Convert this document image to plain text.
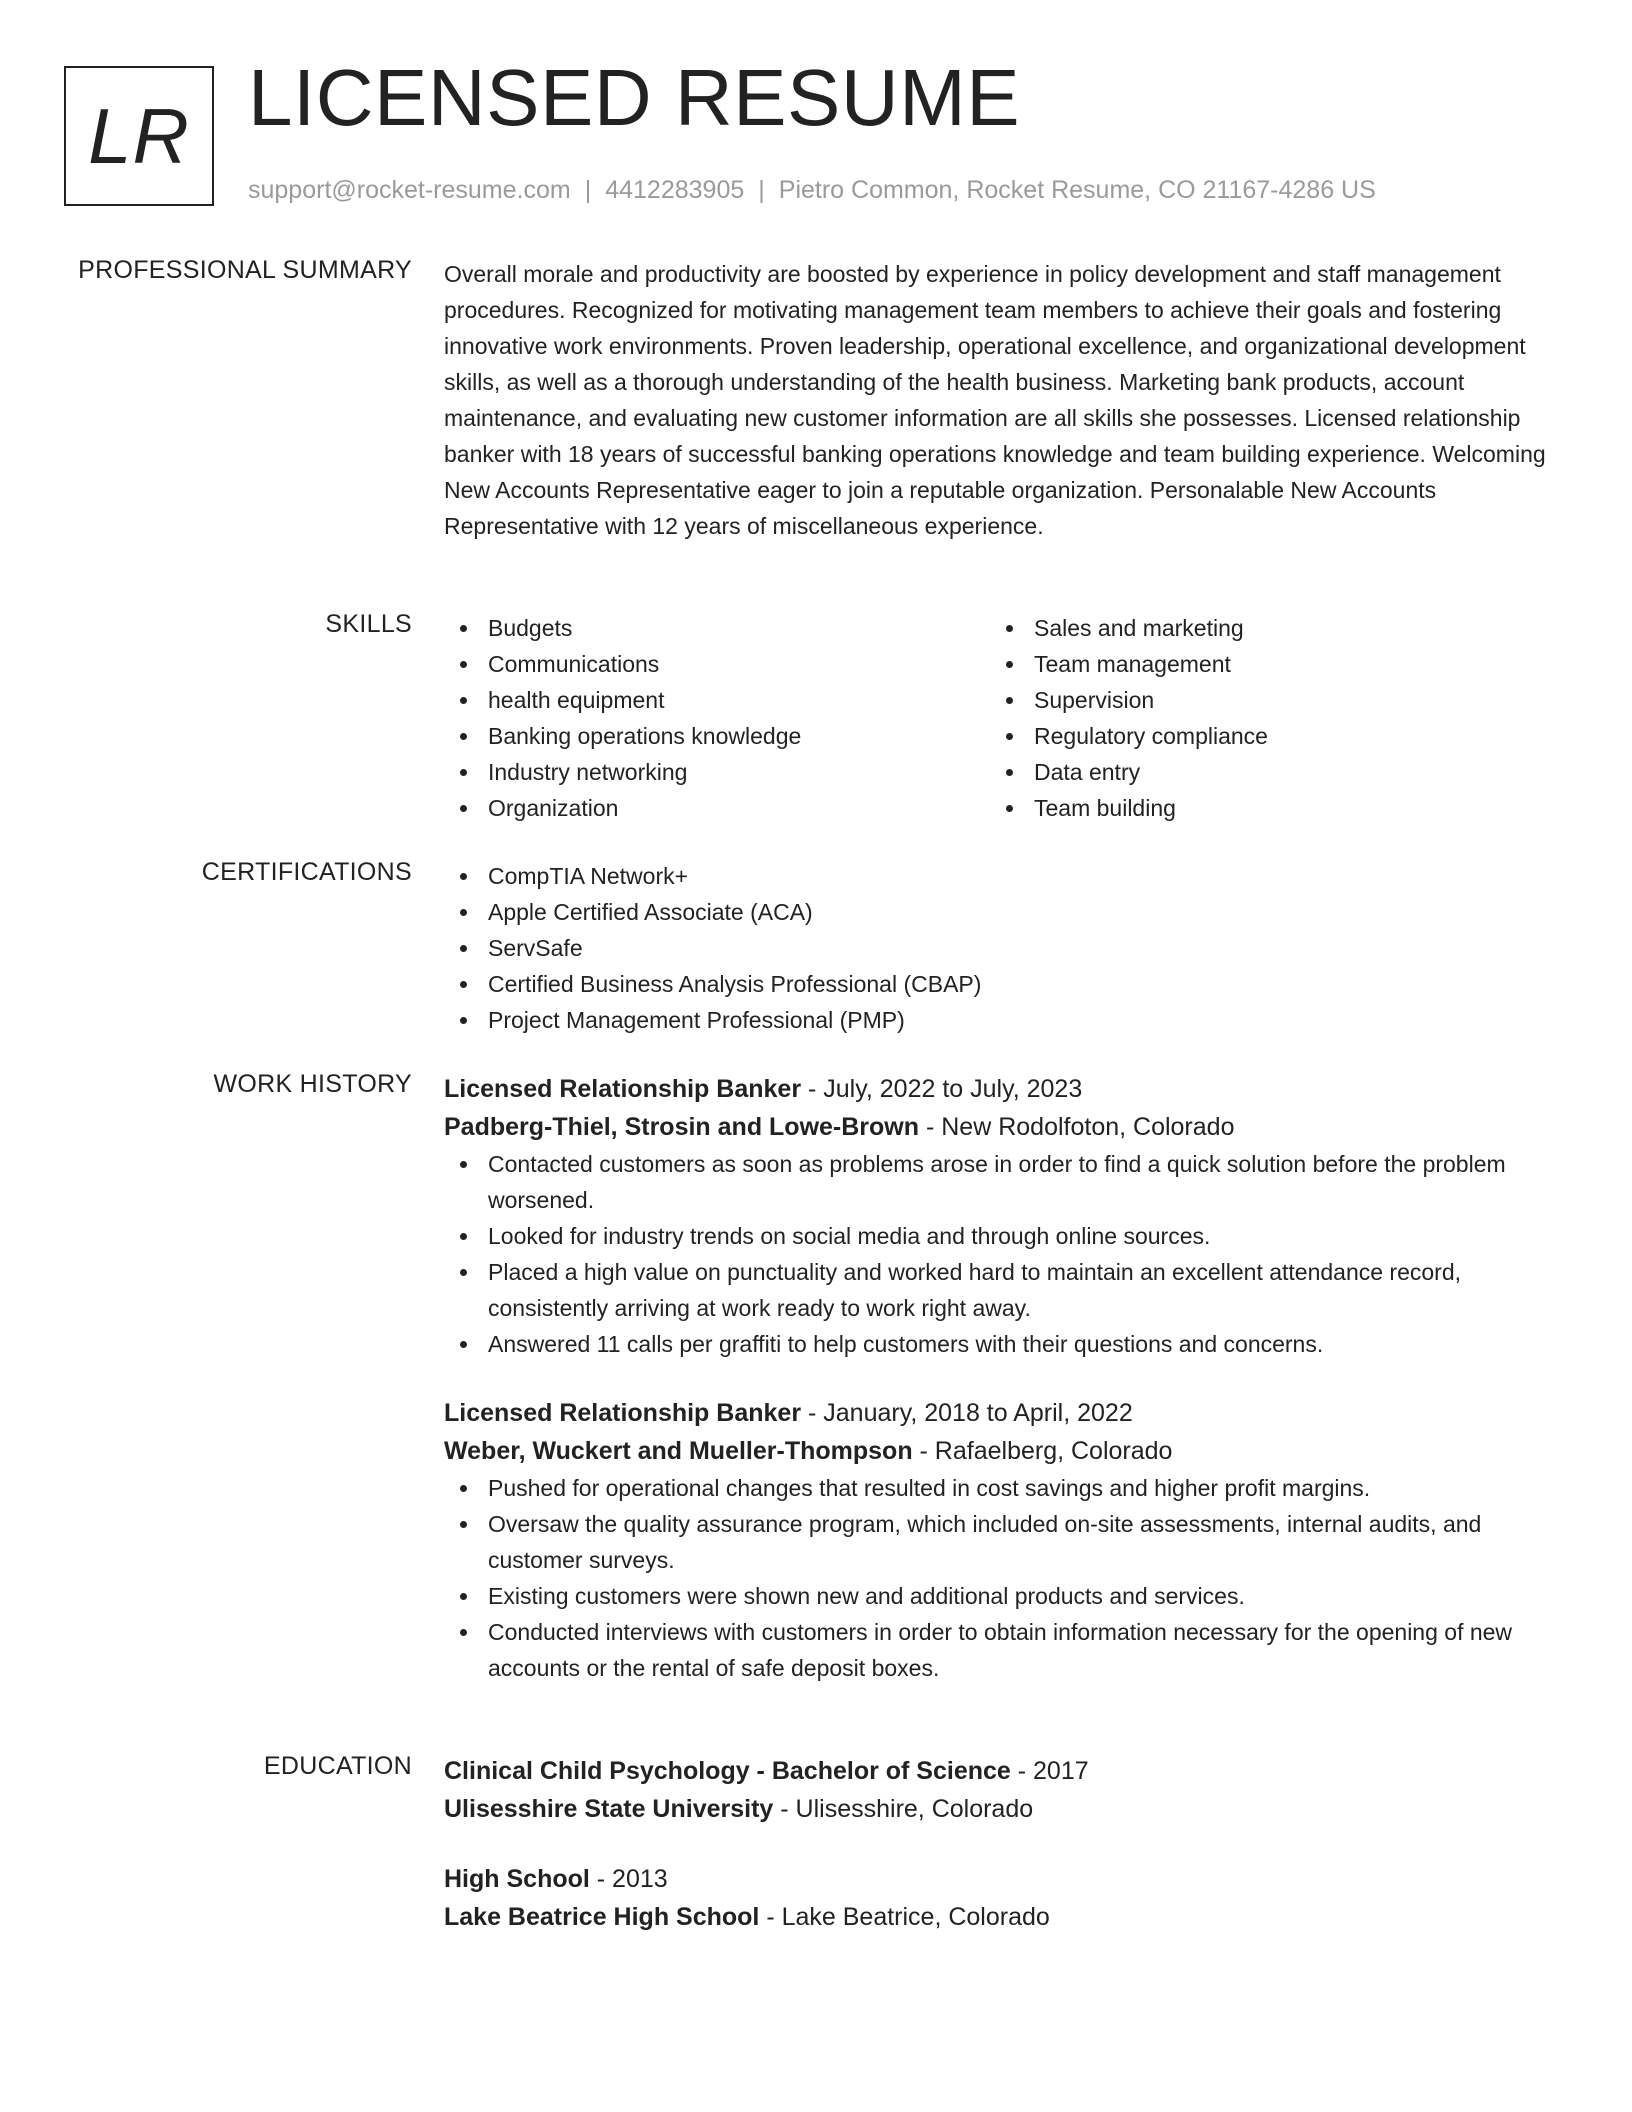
LR LICENSED RESUME
support@rocket-resume.com | 4412283905 | Pietro Common, Rocket Resume, CO 21167-4286 US
PROFESSIONAL SUMMARY Overall morale and productivity are boosted by experience in policy development and staff management procedures. Recognized for motivating management team members to achieve their goals and fostering innovative work environments. Proven leadership, operational excellence, and organizational development skills, as well as a thorough understanding of the health business. Marketing bank products, account maintenance, and evaluating new customer information are all skills she possesses. Licensed relationship banker with 18 years of successful banking operations knowledge and team building experience. Welcoming New Accounts Representative eager to join a reputable organization. Personalable New Accounts Representative with 12 years of miscellaneous experience.

SKILLS	Budgets
Communications
health equipment
Banking operations knowledge
Industry networking
Organization
Sales and marketing
Team management
Supervision
Regulatory compliance
Data entry
Team building
CERTIFICATIONS	CompTIA Network+
Apple Certified Associate (ACA)
ServSafe
Certified Business Analysis Professional (CBAP)
Project Management Professional (PMP)
WORK HISTORY Licensed Relationship Banker - July, 2022 to July, 2023
Padberg-Thiel, Strosin and Lowe-Brown - New Rodolfoton, Colorado
Contacted customers as soon as problems arose in order to find a quick solution before the problem worsened.
Looked for industry trends on social media and through online sources.
Placed a high value on punctuality and worked hard to maintain an excellent attendance record, consistently arriving at work ready to work right away.
Answered 11 calls per graffiti to help customers with their questions and concerns.
Licensed Relationship Banker - January, 2018 to April, 2022
Weber, Wuckert and Mueller-Thompson - Rafaelberg, Colorado
Pushed for operational changes that resulted in cost savings and higher profit margins.
Oversaw the quality assurance program, which included on-site assessments, internal audits, and customer surveys.
Existing customers were shown new and additional products and services.
Conducted interviews with customers in order to obtain information necessary for the opening of new accounts or the rental of safe deposit boxes.
EDUCATION Clinical Child Psychology - Bachelor of Science - 2017
Ulisesshire State University - Ulisesshire, Colorado
High School - 2013
Lake Beatrice High School - Lake Beatrice, Colorado
